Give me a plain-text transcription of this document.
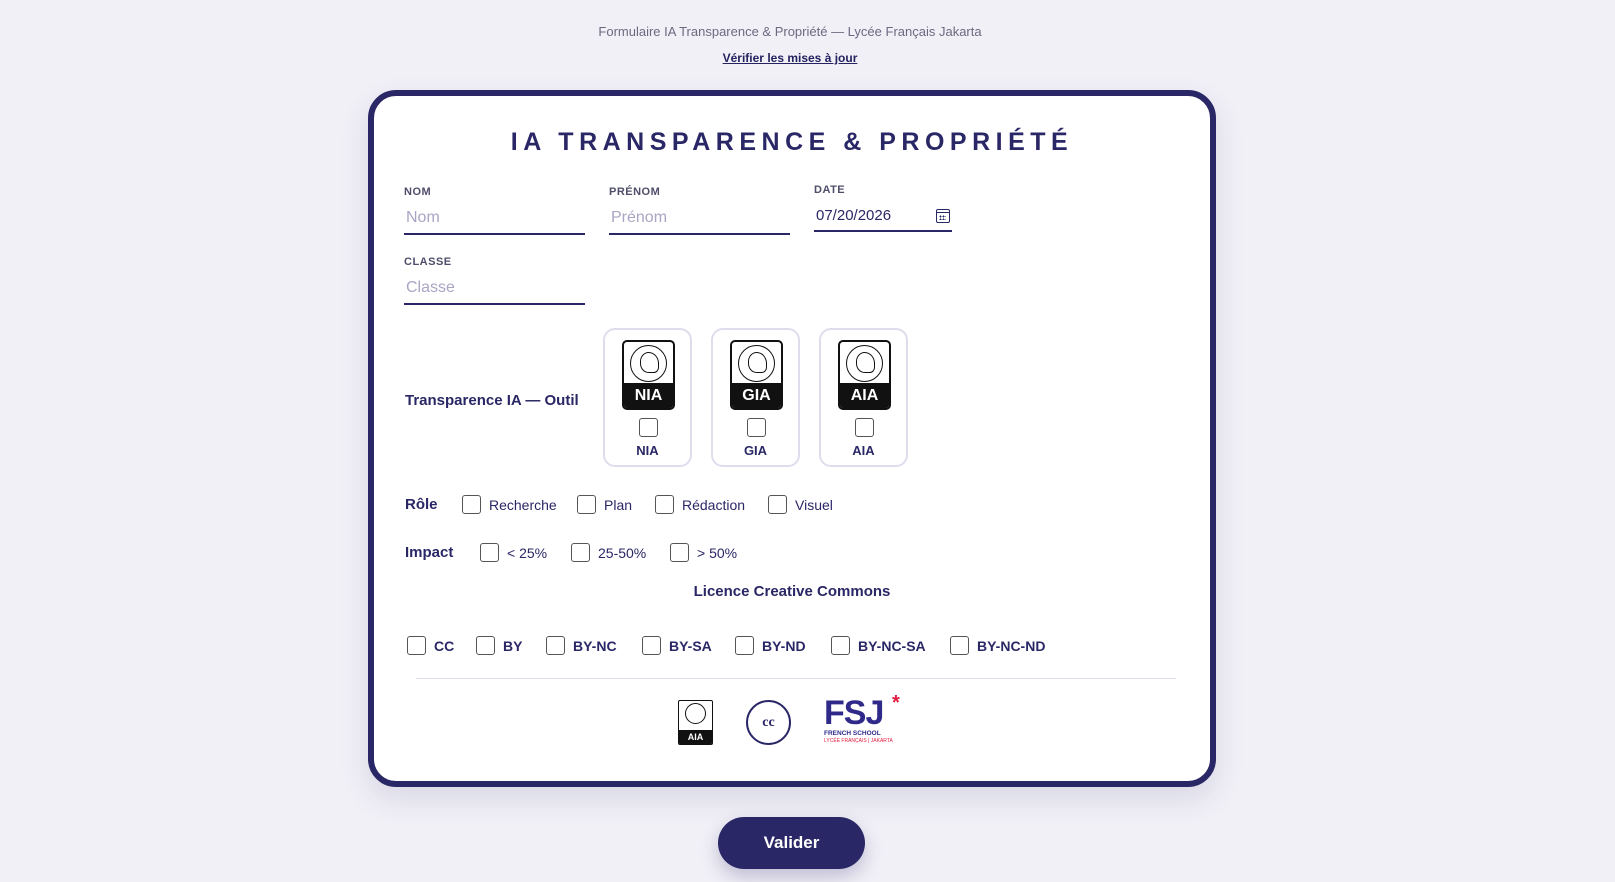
Formulaire IA Transparence & Propriété — Lycée Français Jakarta
Vérifier les mises à jour
IA TRANSPARENCE & PROPRIÉTÉ
NOM
Nom	PRÉNOM
Prénom	DATE
07/20/2026
CLASSE
Classe
Transparence IA — Outil	NIA
NIA
GIA
GIA
AIA
AIA
Rôle	Recherche	Plan	Rédaction	Visuel
Impact	< 25%	25-50%	> 50%
Licence Creative Commons
CC	BY	BY-NC	BY-SA	BY-ND	BY-NC-SA	BY-NC-ND
AIA
cc	FSJ *
FRENCH SCHOOL
LYCÉE FRANÇAIS | JAKARTA
Valider
